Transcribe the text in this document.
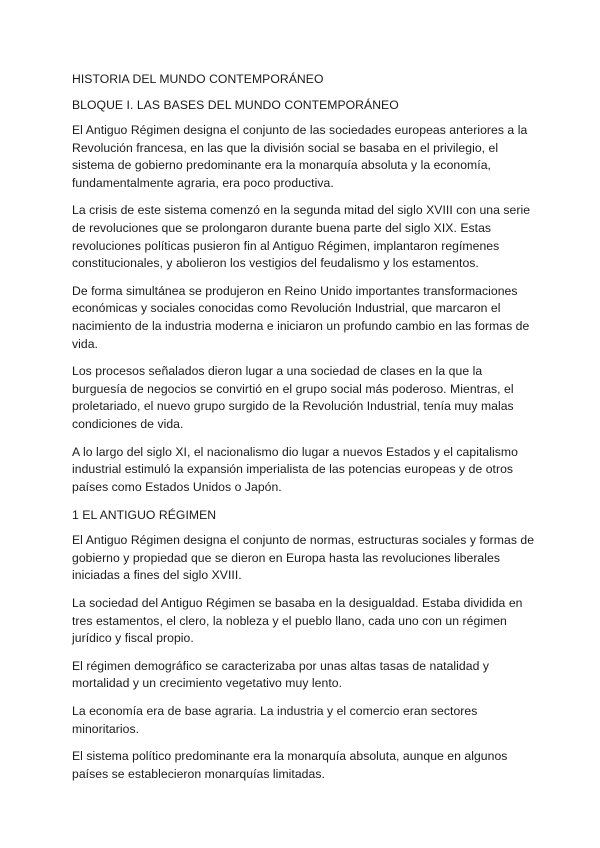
HISTORIA DEL MUNDO CONTEMPORÁNEO
BLOQUE I. LAS BASES DEL MUNDO CONTEMPORÁNEO

El Antiguo Régimen designa el conjunto de las sociedades europeas anteriores a la Revolución francesa, en las que la división social se basaba en el privilegio, el sistema de gobierno predominante era la monarquía absoluta y la economía, fundamentalmente agraria, era poco productiva.

La crisis de este sistema comenzó en la segunda mitad del siglo XVIII con una serie de revoluciones que se prolongaron durante buena parte del siglo XIX. Estas revoluciones políticas pusieron fin al Antiguo Régimen, implantaron regímenes constitucionales, y abolieron los vestigios del feudalismo y los estamentos.

De forma simultánea se produjeron en Reino Unido importantes transformaciones económicas y sociales conocidas como Revolución Industrial, que marcaron el nacimiento de la industria moderna e iniciaron un profundo cambio en las formas de vida.

Los procesos señalados dieron lugar a una sociedad de clases en la que la burguesía de negocios se convirtió en el grupo social más poderoso. Mientras, el proletariado, el nuevo grupo surgido de la Revolución Industrial, tenía muy malas condiciones de vida.

A lo largo del siglo XI, el nacionalismo dio lugar a nuevos Estados y el capitalismo industrial estimuló la expansión imperialista de las potencias europeas y de otros países como Estados Unidos o Japón.

1 EL ANTIGUO RÉGIMEN

El Antiguo Régimen designa el conjunto de normas, estructuras sociales y formas de gobierno y propiedad que se dieron en Europa hasta las revoluciones liberales iniciadas a fines del siglo XVIII.

La sociedad del Antiguo Régimen se basaba en la desigualdad. Estaba dividida en tres estamentos, el clero, la nobleza y el pueblo llano, cada uno con un régimen jurídico y fiscal propio.

El régimen demográfico se caracterizaba por unas altas tasas de natalidad y mortalidad y un crecimiento vegetativo muy lento.

La economía era de base agraria. La industria y el comercio eran sectores minoritarios.

El sistema político predominante era la monarquía absoluta, aunque en algunos países se establecieron monarquías limitadas.
